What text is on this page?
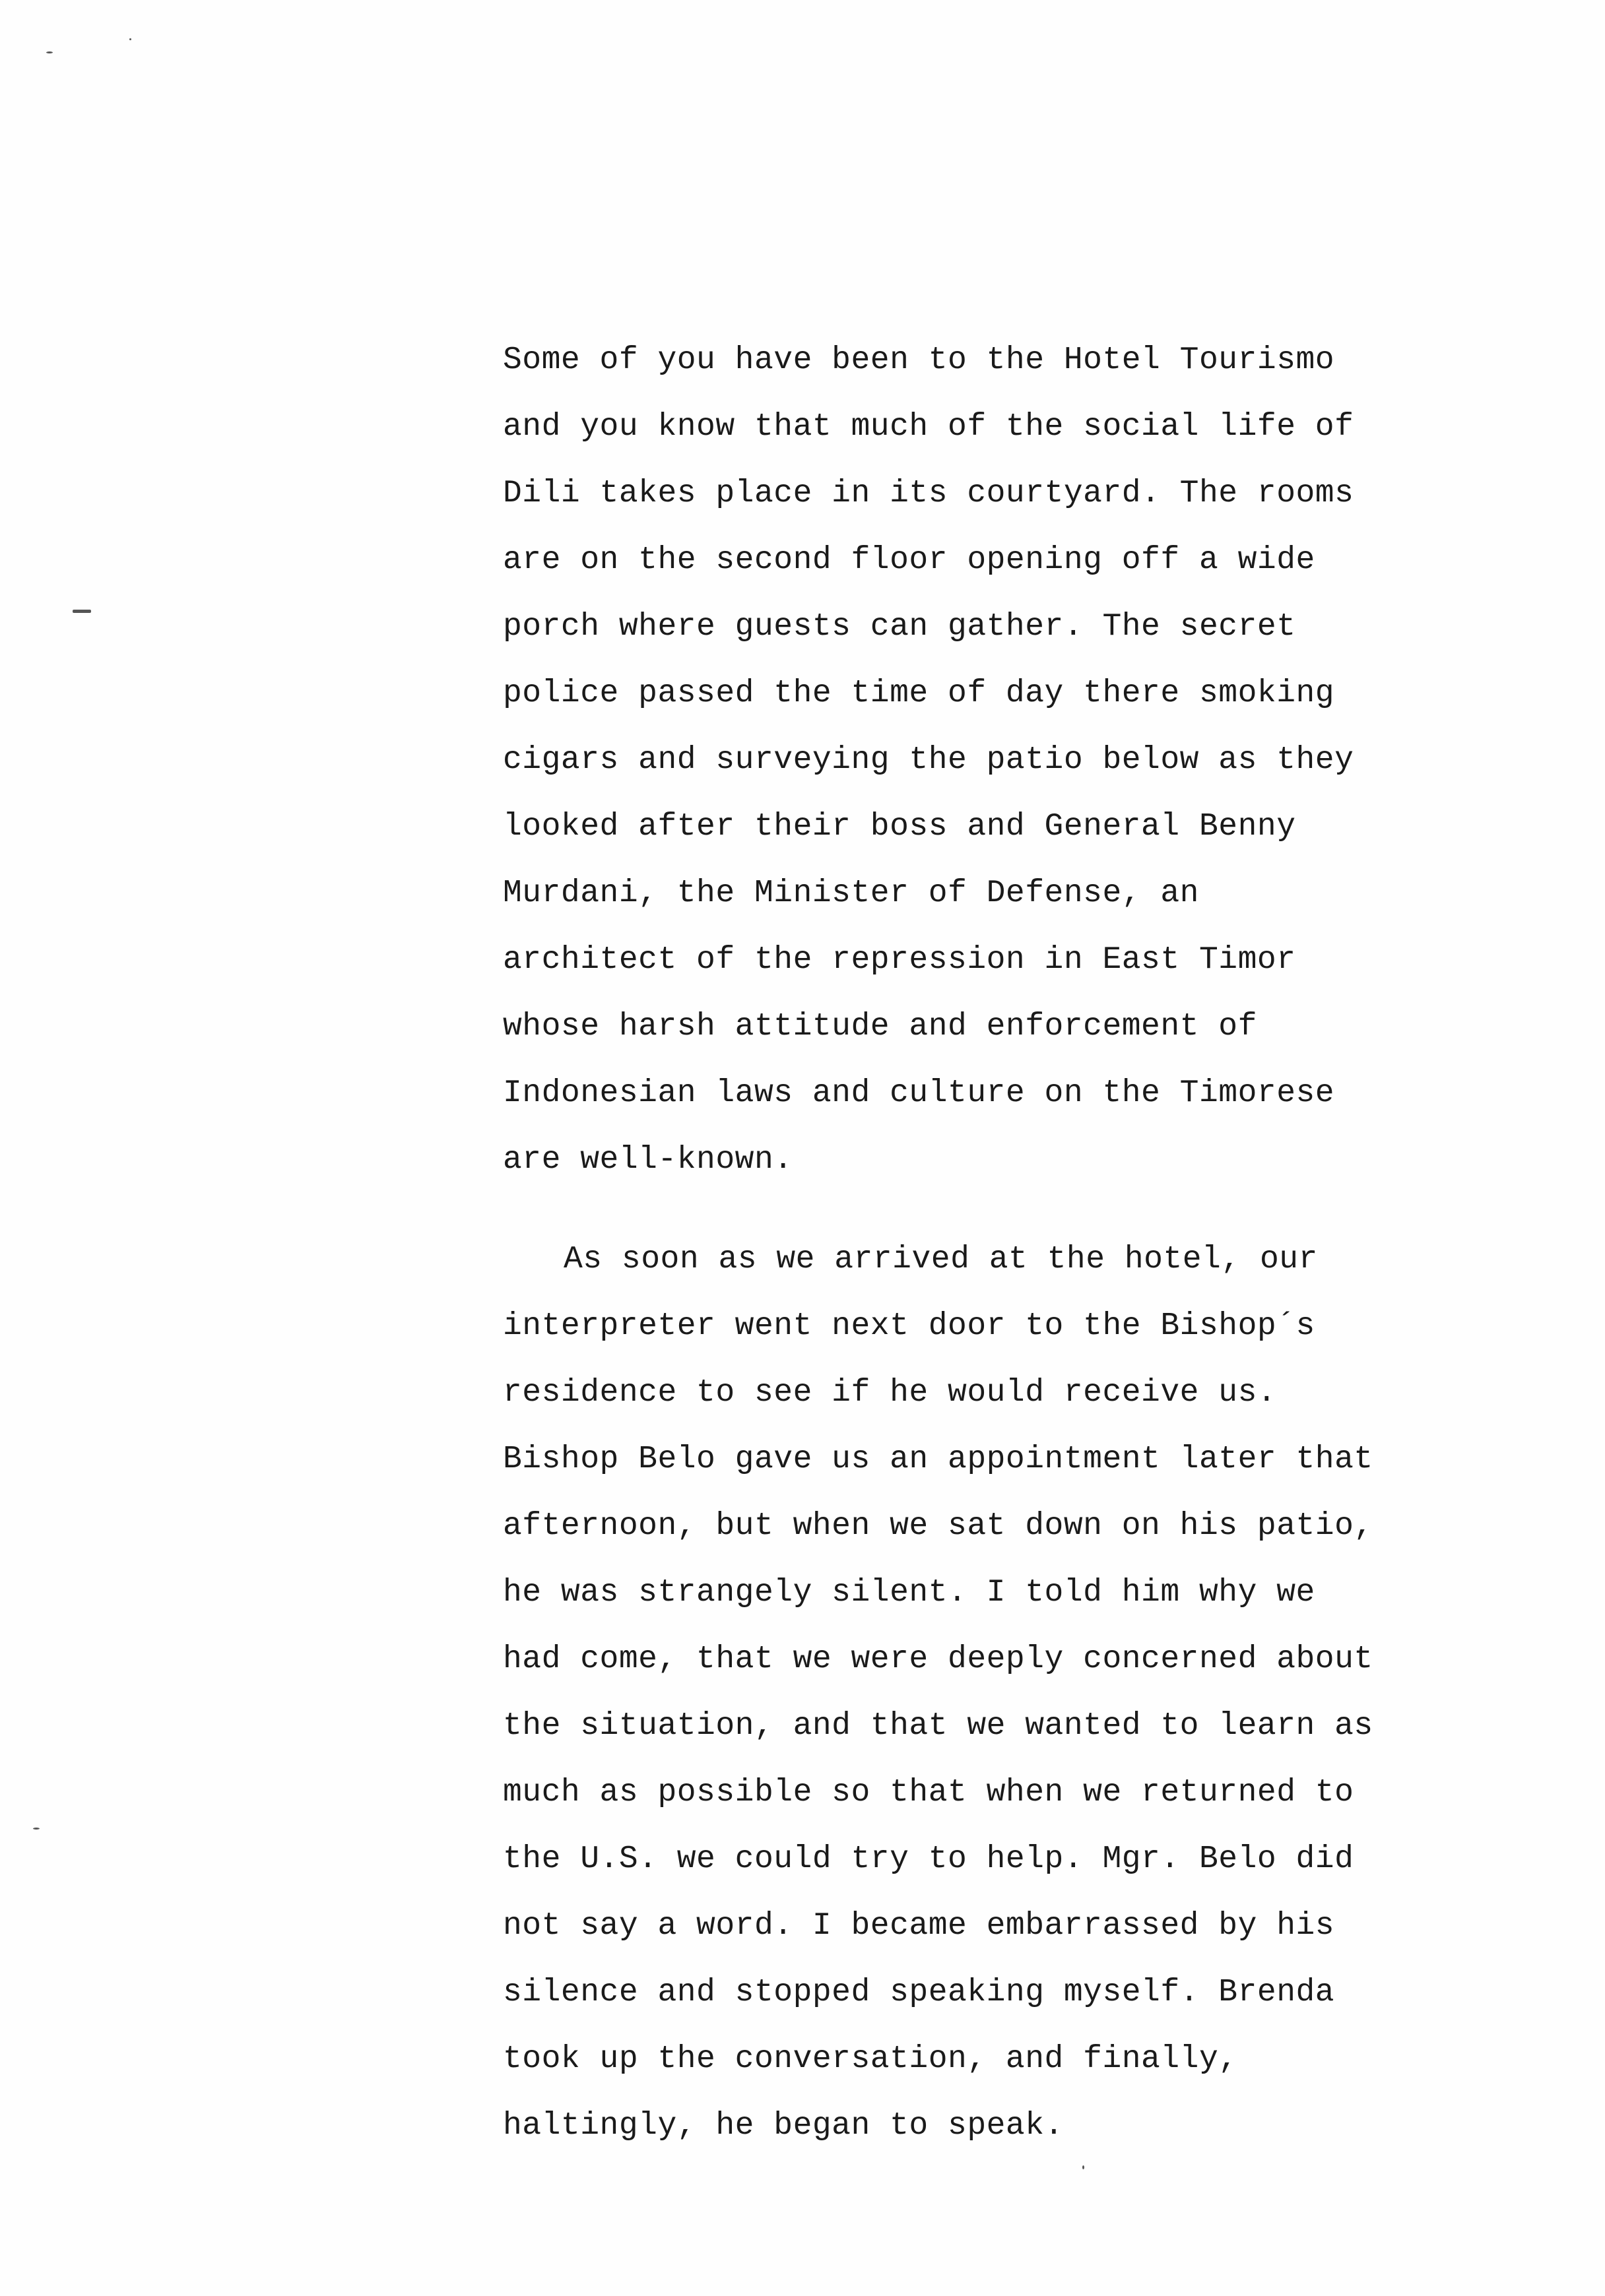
Some of you have been to the Hotel Tourismo
and you know that much of the social life of
Dili takes place in its courtyard. The rooms
are on the second floor opening off a wide
porch where guests can gather. The secret
police passed the time of day there smoking
cigars and surveying the patio below as they
looked after their boss and General Benny
Murdani, the Minister of Defense, an
architect of the repression in East Timor
whose harsh attitude and enforcement of
Indonesian laws and culture on the Timorese
are well-known.
As soon as we arrived at the hotel, our
interpreter went next door to the Bishop´s
residence to see if he would receive us.
Bishop Belo gave us an appointment later that
afternoon, but when we sat down on his patio,
he was strangely silent. I told him why we
had come, that we were deeply concerned about
the situation, and that we wanted to learn as
much as possible so that when we returned to
the U.S. we could try to help. Mgr. Belo did
not say a word. I became embarrassed by his
silence and stopped speaking myself. Brenda
took up the conversation, and finally,
haltingly, he began to speak.
